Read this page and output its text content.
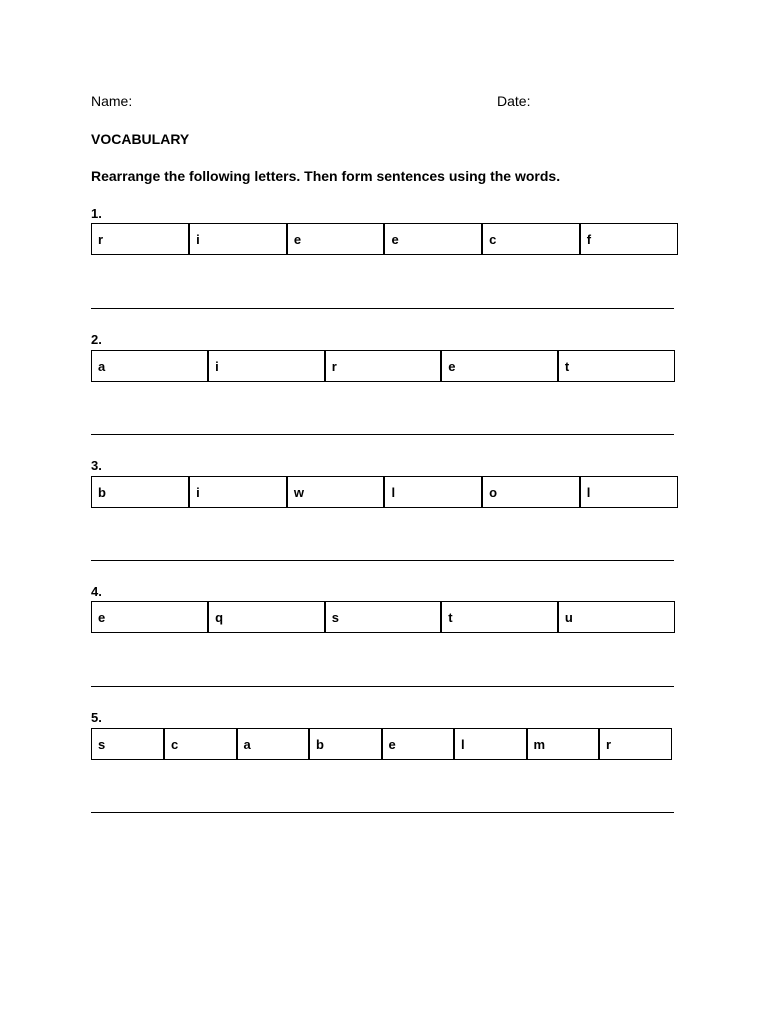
Name:	Date:
VOCABULARY
Rearrange the following letters. Then form sentences using the words.
1.
r	i	e	e	c	f
2.
a	i	r	e	t
3.
b	i	w	l	o	l
4.
e	q	s	t	u
5.
s	c	a	b	e	l	m	r
